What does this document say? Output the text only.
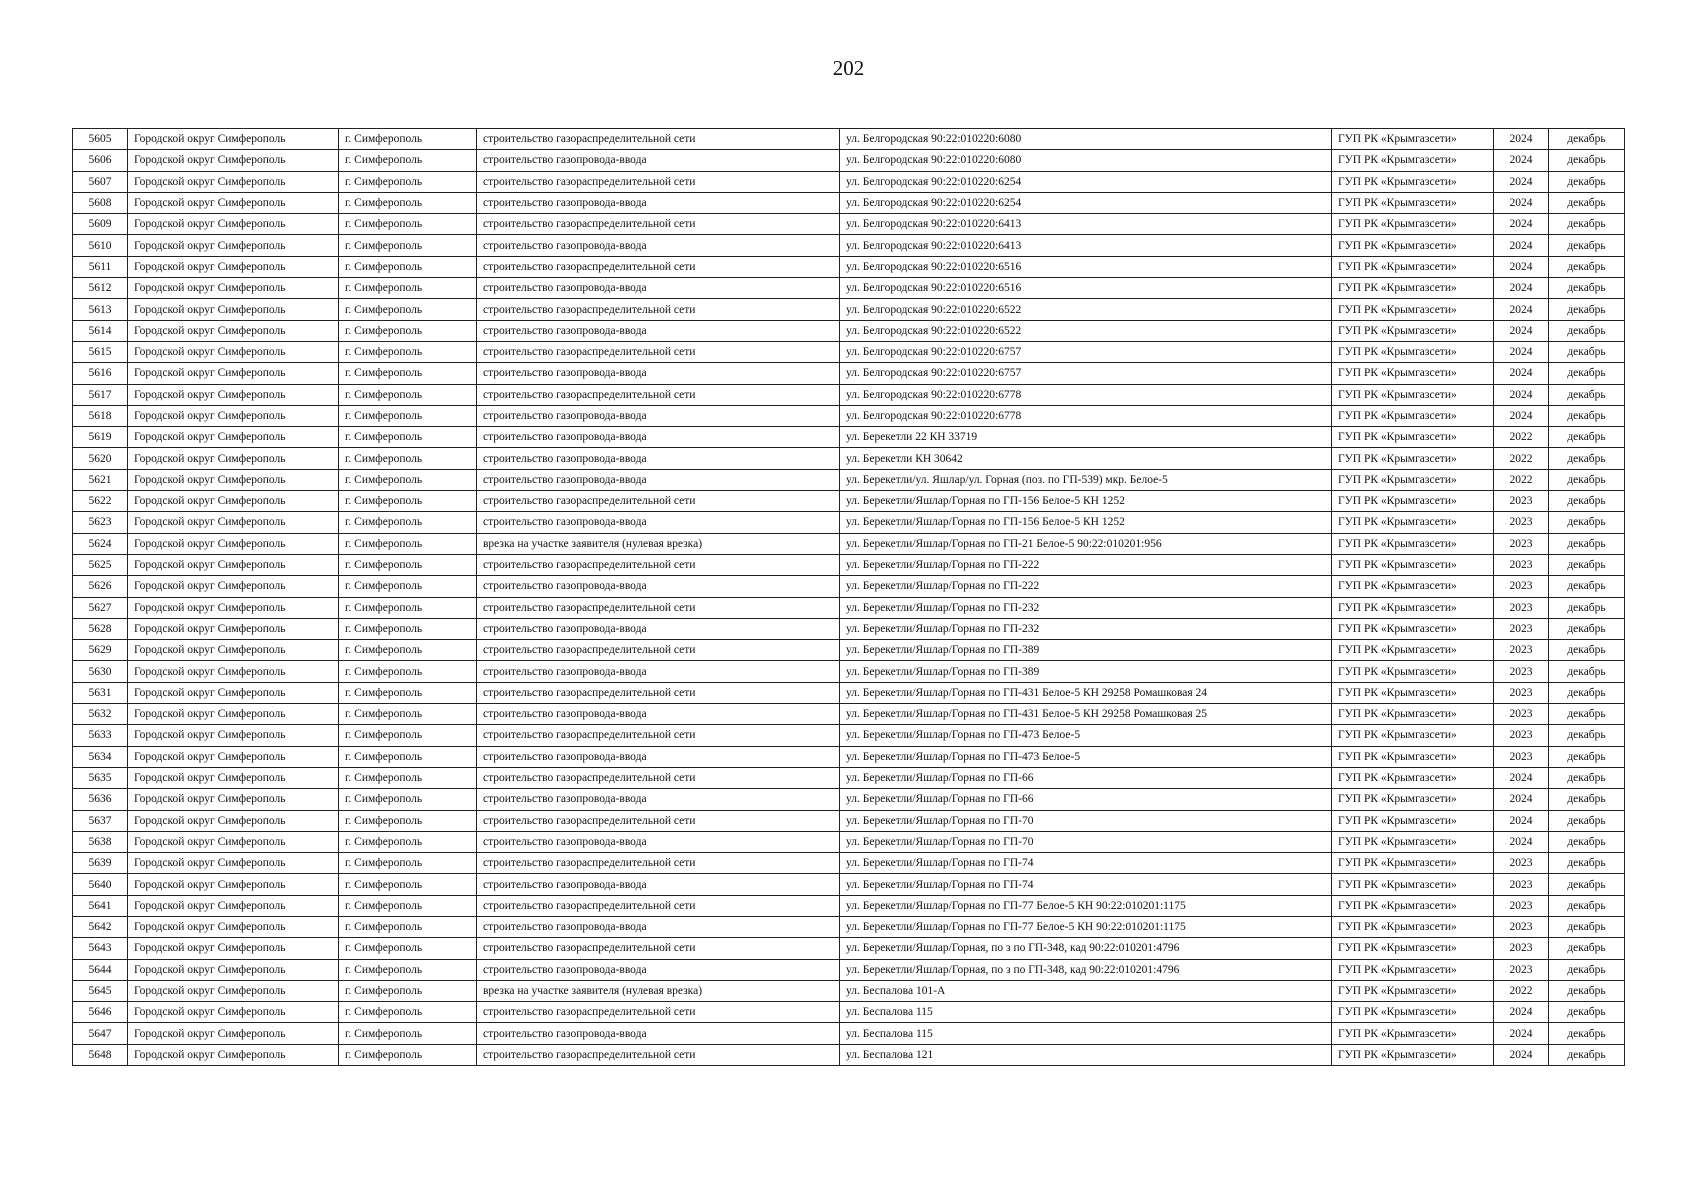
202
5605	Городской округ Симферополь	г. Симферополь	строительство газораспределительной сети	ул. Белгородская 90:22:010220:6080	ГУП РК «Крымгазсети»	2024	декабрь
5606	Городской округ Симферополь	г. Симферополь	строительство газопровода-ввода	ул. Белгородская 90:22:010220:6080	ГУП РК «Крымгазсети»	2024	декабрь
5607	Городской округ Симферополь	г. Симферополь	строительство газораспределительной сети	ул. Белгородская 90:22:010220:6254	ГУП РК «Крымгазсети»	2024	декабрь
5608	Городской округ Симферополь	г. Симферополь	строительство газопровода-ввода	ул. Белгородская 90:22:010220:6254	ГУП РК «Крымгазсети»	2024	декабрь
5609	Городской округ Симферополь	г. Симферополь	строительство газораспределительной сети	ул. Белгородская 90:22:010220:6413	ГУП РК «Крымгазсети»	2024	декабрь
5610	Городской округ Симферополь	г. Симферополь	строительство газопровода-ввода	ул. Белгородская 90:22:010220:6413	ГУП РК «Крымгазсети»	2024	декабрь
5611	Городской округ Симферополь	г. Симферополь	строительство газораспределительной сети	ул. Белгородская 90:22:010220:6516	ГУП РК «Крымгазсети»	2024	декабрь
5612	Городской округ Симферополь	г. Симферополь	строительство газопровода-ввода	ул. Белгородская 90:22:010220:6516	ГУП РК «Крымгазсети»	2024	декабрь
5613	Городской округ Симферополь	г. Симферополь	строительство газораспределительной сети	ул. Белгородская 90:22:010220:6522	ГУП РК «Крымгазсети»	2024	декабрь
5614	Городской округ Симферополь	г. Симферополь	строительство газопровода-ввода	ул. Белгородская 90:22:010220:6522	ГУП РК «Крымгазсети»	2024	декабрь
5615	Городской округ Симферополь	г. Симферополь	строительство газораспределительной сети	ул. Белгородская 90:22:010220:6757	ГУП РК «Крымгазсети»	2024	декабрь
5616	Городской округ Симферополь	г. Симферополь	строительство газопровода-ввода	ул. Белгородская 90:22:010220:6757	ГУП РК «Крымгазсети»	2024	декабрь
5617	Городской округ Симферополь	г. Симферополь	строительство газораспределительной сети	ул. Белгородская 90:22:010220:6778	ГУП РК «Крымгазсети»	2024	декабрь
5618	Городской округ Симферополь	г. Симферополь	строительство газопровода-ввода	ул. Белгородская 90:22:010220:6778	ГУП РК «Крымгазсети»	2024	декабрь
5619	Городской округ Симферополь	г. Симферополь	строительство газопровода-ввода	ул. Берекетли 22 КН 33719	ГУП РК «Крымгазсети»	2022	декабрь
5620	Городской округ Симферополь	г. Симферополь	строительство газопровода-ввода	ул. Берекетли КН 30642	ГУП РК «Крымгазсети»	2022	декабрь
5621	Городской округ Симферополь	г. Симферополь	строительство газопровода-ввода	ул. Берекетли/ул. Яшлар/ул. Горная (поз. по ГП-539) мкр. Белое-5	ГУП РК «Крымгазсети»	2022	декабрь
5622	Городской округ Симферополь	г. Симферополь	строительство газораспределительной сети	ул. Берекетли/Яшлар/Горная по ГП-156 Белое-5 КН 1252	ГУП РК «Крымгазсети»	2023	декабрь
5623	Городской округ Симферополь	г. Симферополь	строительство газопровода-ввода	ул. Берекетли/Яшлар/Горная по ГП-156 Белое-5 КН 1252	ГУП РК «Крымгазсети»	2023	декабрь
5624	Городской округ Симферополь	г. Симферополь	врезка на участке заявителя (нулевая врезка)	ул. Берекетли/Яшлар/Горная по ГП-21 Белое-5 90:22:010201:956	ГУП РК «Крымгазсети»	2023	декабрь
5625	Городской округ Симферополь	г. Симферополь	строительство газораспределительной сети	ул. Берекетли/Яшлар/Горная по ГП-222	ГУП РК «Крымгазсети»	2023	декабрь
5626	Городской округ Симферополь	г. Симферополь	строительство газопровода-ввода	ул. Берекетли/Яшлар/Горная по ГП-222	ГУП РК «Крымгазсети»	2023	декабрь
5627	Городской округ Симферополь	г. Симферополь	строительство газораспределительной сети	ул. Берекетли/Яшлар/Горная по ГП-232	ГУП РК «Крымгазсети»	2023	декабрь
5628	Городской округ Симферополь	г. Симферополь	строительство газопровода-ввода	ул. Берекетли/Яшлар/Горная по ГП-232	ГУП РК «Крымгазсети»	2023	декабрь
5629	Городской округ Симферополь	г. Симферополь	строительство газораспределительной сети	ул. Берекетли/Яшлар/Горная по ГП-389	ГУП РК «Крымгазсети»	2023	декабрь
5630	Городской округ Симферополь	г. Симферополь	строительство газопровода-ввода	ул. Берекетли/Яшлар/Горная по ГП-389	ГУП РК «Крымгазсети»	2023	декабрь
5631	Городской округ Симферополь	г. Симферополь	строительство газораспределительной сети	ул. Берекетли/Яшлар/Горная по ГП-431 Белое-5 КН 29258 Ромашковая 24	ГУП РК «Крымгазсети»	2023	декабрь
5632	Городской округ Симферополь	г. Симферополь	строительство газопровода-ввода	ул. Берекетли/Яшлар/Горная по ГП-431 Белое-5 КН 29258 Ромашковая 25	ГУП РК «Крымгазсети»	2023	декабрь
5633	Городской округ Симферополь	г. Симферополь	строительство газораспределительной сети	ул. Берекетли/Яшлар/Горная по ГП-473 Белое-5	ГУП РК «Крымгазсети»	2023	декабрь
5634	Городской округ Симферополь	г. Симферополь	строительство газопровода-ввода	ул. Берекетли/Яшлар/Горная по ГП-473 Белое-5	ГУП РК «Крымгазсети»	2023	декабрь
5635	Городской округ Симферополь	г. Симферополь	строительство газораспределительной сети	ул. Берекетли/Яшлар/Горная по ГП-66	ГУП РК «Крымгазсети»	2024	декабрь
5636	Городской округ Симферополь	г. Симферополь	строительство газопровода-ввода	ул. Берекетли/Яшлар/Горная по ГП-66	ГУП РК «Крымгазсети»	2024	декабрь
5637	Городской округ Симферополь	г. Симферополь	строительство газораспределительной сети	ул. Берекетли/Яшлар/Горная по ГП-70	ГУП РК «Крымгазсети»	2024	декабрь
5638	Городской округ Симферополь	г. Симферополь	строительство газопровода-ввода	ул. Берекетли/Яшлар/Горная по ГП-70	ГУП РК «Крымгазсети»	2024	декабрь
5639	Городской округ Симферополь	г. Симферополь	строительство газораспределительной сети	ул. Берекетли/Яшлар/Горная по ГП-74	ГУП РК «Крымгазсети»	2023	декабрь
5640	Городской округ Симферополь	г. Симферополь	строительство газопровода-ввода	ул. Берекетли/Яшлар/Горная по ГП-74	ГУП РК «Крымгазсети»	2023	декабрь
5641	Городской округ Симферополь	г. Симферополь	строительство газораспределительной сети	ул. Берекетли/Яшлар/Горная по ГП-77 Белое-5 КН 90:22:010201:1175	ГУП РК «Крымгазсети»	2023	декабрь
5642	Городской округ Симферополь	г. Симферополь	строительство газопровода-ввода	ул. Берекетли/Яшлар/Горная по ГП-77 Белое-5 КН 90:22:010201:1175	ГУП РК «Крымгазсети»	2023	декабрь
5643	Городской округ Симферополь	г. Симферополь	строительство газораспределительной сети	ул. Берекетли/Яшлар/Горная, по з по ГП-348, кад 90:22:010201:4796	ГУП РК «Крымгазсети»	2023	декабрь
5644	Городской округ Симферополь	г. Симферополь	строительство газопровода-ввода	ул. Берекетли/Яшлар/Горная, по з по ГП-348, кад 90:22:010201:4796	ГУП РК «Крымгазсети»	2023	декабрь
5645	Городской округ Симферополь	г. Симферополь	врезка на участке заявителя (нулевая врезка)	ул. Беспалова 101-А	ГУП РК «Крымгазсети»	2022	декабрь
5646	Городской округ Симферополь	г. Симферополь	строительство газораспределительной сети	ул. Беспалова 115	ГУП РК «Крымгазсети»	2024	декабрь
5647	Городской округ Симферополь	г. Симферополь	строительство газопровода-ввода	ул. Беспалова 115	ГУП РК «Крымгазсети»	2024	декабрь
5648	Городской округ Симферополь	г. Симферополь	строительство газораспределительной сети	ул. Беспалова 121	ГУП РК «Крымгазсети»	2024	декабрь
